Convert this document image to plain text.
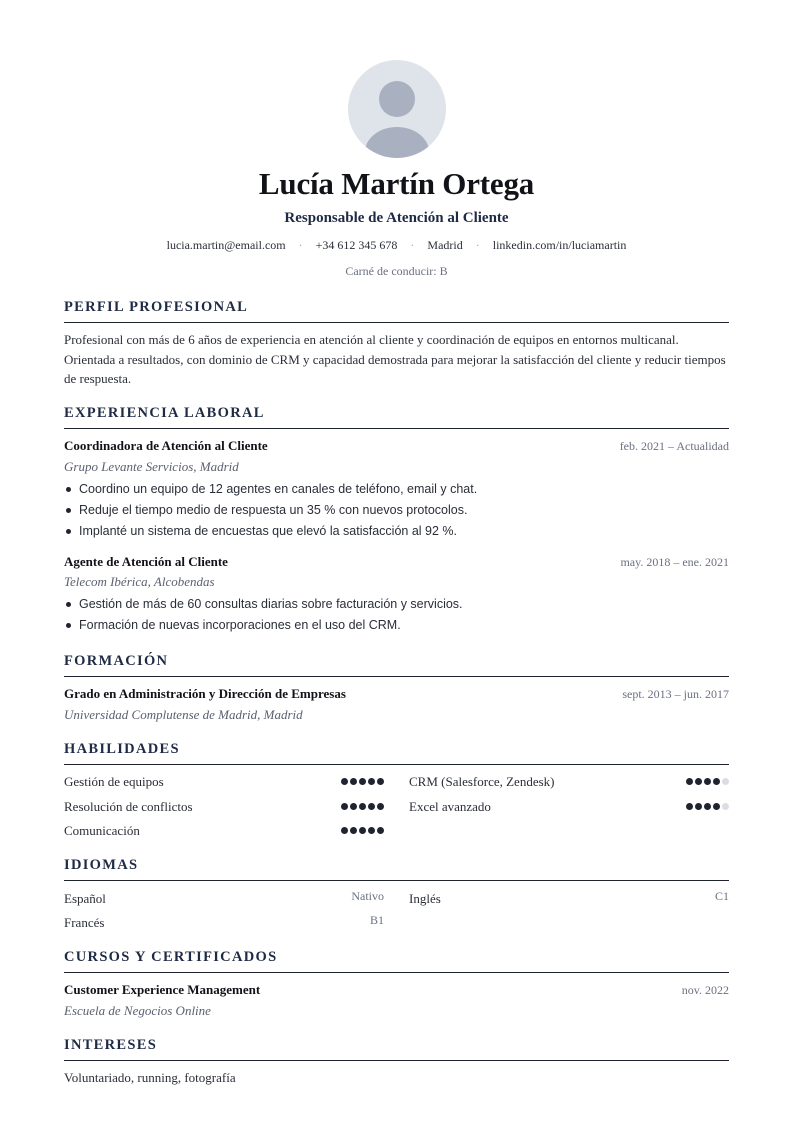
Lucía Martín Ortega
Responsable de Atención al Cliente
lucia.martin@email.com · +34 612 345 678 · Madrid · linkedin.com/in/luciamartin
Carné de conducir: B
PERFIL PROFESIONAL
Profesional con más de 6 años de experiencia en atención al cliente y coordinación de equipos en entornos multicanal. Orientada a resultados, con dominio de CRM y capacidad demostrada para mejorar la satisfacción del cliente y reducir tiempos de respuesta.
EXPERIENCIA LABORAL
Coordinadora de Atención al Cliente	feb. 2021 – Actualidad
Grupo Levante Servicios, Madrid
Coordino un equipo de 12 agentes en canales de teléfono, email y chat.
Reduje el tiempo medio de respuesta un 35 % con nuevos protocolos.
Implanté un sistema de encuestas que elevó la satisfacción al 92 %.
Agente de Atención al Cliente	may. 2018 – ene. 2021
Telecom Ibérica, Alcobendas
Gestión de más de 60 consultas diarias sobre facturación y servicios.
Formación de nuevas incorporaciones en el uso del CRM.
FORMACIÓN
Grado en Administración y Dirección de Empresas	sept. 2013 – jun. 2017
Universidad Complutense de Madrid, Madrid
HABILIDADES
Gestión de equipos	CRM (Salesforce, Zendesk)
Resolución de conflictos	Excel avanzado
Comunicación
IDIOMAS
Español	Nativo Inglés	C1
Francés	B1
CURSOS Y CERTIFICADOS
Customer Experience Management	nov. 2022
Escuela de Negocios Online
INTERESES
Voluntariado, running, fotografía
